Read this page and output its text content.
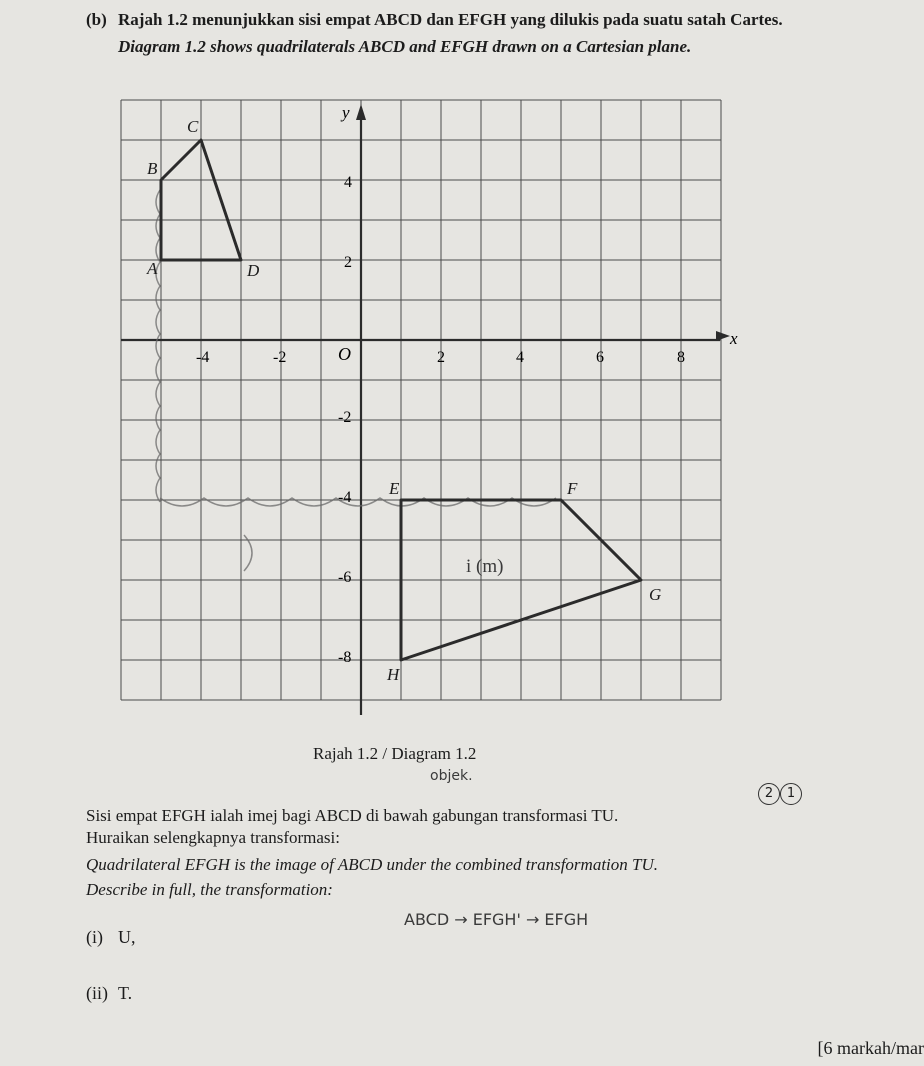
(b) Rajah 1.2 menunjukkan sisi empat ABCD dan EFGH yang dilukis pada suatu satah Cartes.
Diagram 1.2 shows quadrilaterals ABCD and EFGH drawn on a Cartesian plane.
x
y
O
-4	-2	2	4	6	8
4
2
-2
-4
-6
-8
A
B
C
D
E	F
G
H
i (m)
Rajah 1.2 / Diagram 1.2
objek.
2	1
Sisi empat EFGH ialah imej bagi ABCD di bawah gabungan transformasi TU.
Huraikan selengkapnya transformasi:
Quadrilateral EFGH is the image of ABCD under the combined transformation TU.
Describe in full, the transformation:
ABCD → EFGH' → EFGH
(i) U,
(ii) T.
[6 markah/mar
